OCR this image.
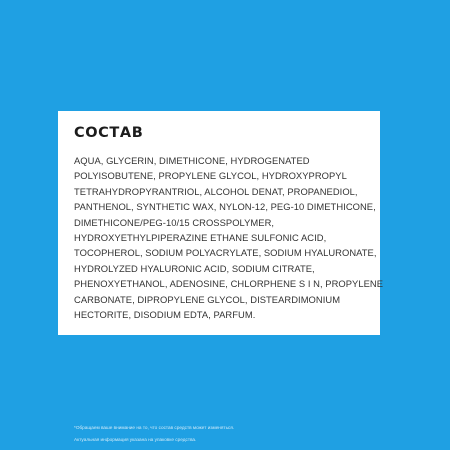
СОСТАВ

AQUA, GLYCERIN, DIMETHICONE, HYDROGENATED
POLYISOBUTENE, PROPYLENE GLYCOL, HYDROXYPROPYL
TETRAHYDROPYRANTRIOL, ALCOHOL DENAT, PROPANEDIOL,
PANTHENOL, SYNTHETIC WAX, NYLON-12, PEG-10 DIMETHICONE,
DIMETHICONE/PEG-10/15 CROSSPOLYMER,
HYDROXYETHYLPIPERAZINE ETHANE SULFONIC ACID,
TOCOPHEROL, SODIUM POLYACRYLATE, SODIUM HYALURONATE,
HYDROLYZED HYALURONIC ACID, SODIUM CITRATE,
PHENOXYETHANOL, ADENOSINE, CHLORPHENE S I N, PROPYLENE
CARBONATE, DIPROPYLENE GLYCOL, DISTEARDIMONIUM
HECTORITE, DISODIUM EDTA, PARFUM.

*Обращаем ваше внимание на то, что состав средств может изменяться.
Актуальная информация указана на упаковке средства.
